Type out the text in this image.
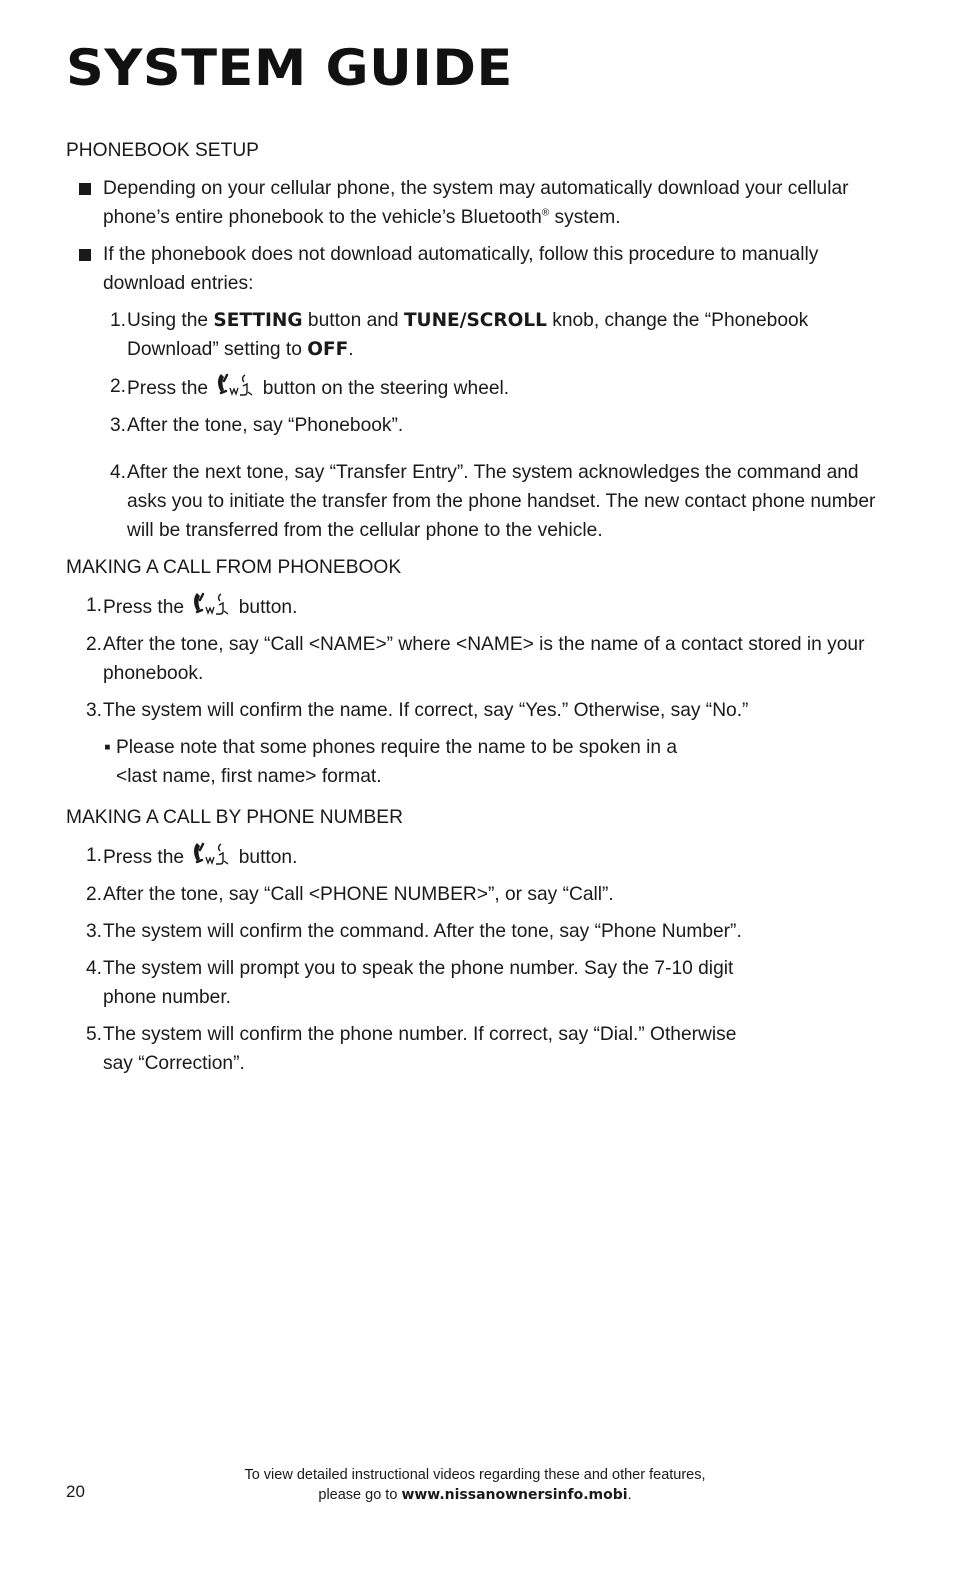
SYSTEM GUIDE
PHONEBOOK SETUP
Depending on your cellular phone, the system may automatically download your cellular phone’s entire phonebook to the vehicle’s Bluetooth® system.
If the phonebook does not download automatically, follow this procedure to manually download entries:
1. Using the SETTING button and TUNE/SCROLL knob, change the “Phonebook Download” setting to OFF.
2. Press the  button on the steering wheel.
3. After the tone, say “Phonebook”.
4. After the next tone, say “Transfer Entry”. The system acknowledges the command and asks you to initiate the transfer from the phone handset. The new contact phone number will be transferred from the cellular phone to the vehicle.
MAKING A CALL FROM PHONEBOOK
1. Press the  button.
2. After the tone, say “Call <NAME>” where <NAME> is the name of a contact stored in your phonebook.
3. The system will confirm the name. If correct, say “Yes.” Otherwise, say “No.”
▪ Please note that some phones require the name to be spoken in a
<last name, first name> format.
MAKING A CALL BY PHONE NUMBER
1. Press the  button.
2. After the tone, say “Call <PHONE NUMBER>”, or say “Call”.
3. The system will confirm the command. After the tone, say “Phone Number”.
4. The system will prompt you to speak the phone number. Say the 7-10 digit
phone number.
5. The system will confirm the phone number. If correct, say “Dial.” Otherwise
say “Correction”.
20
To view detailed instructional videos regarding these and other features,
please go to www.nissanownersinfo.mobi.
